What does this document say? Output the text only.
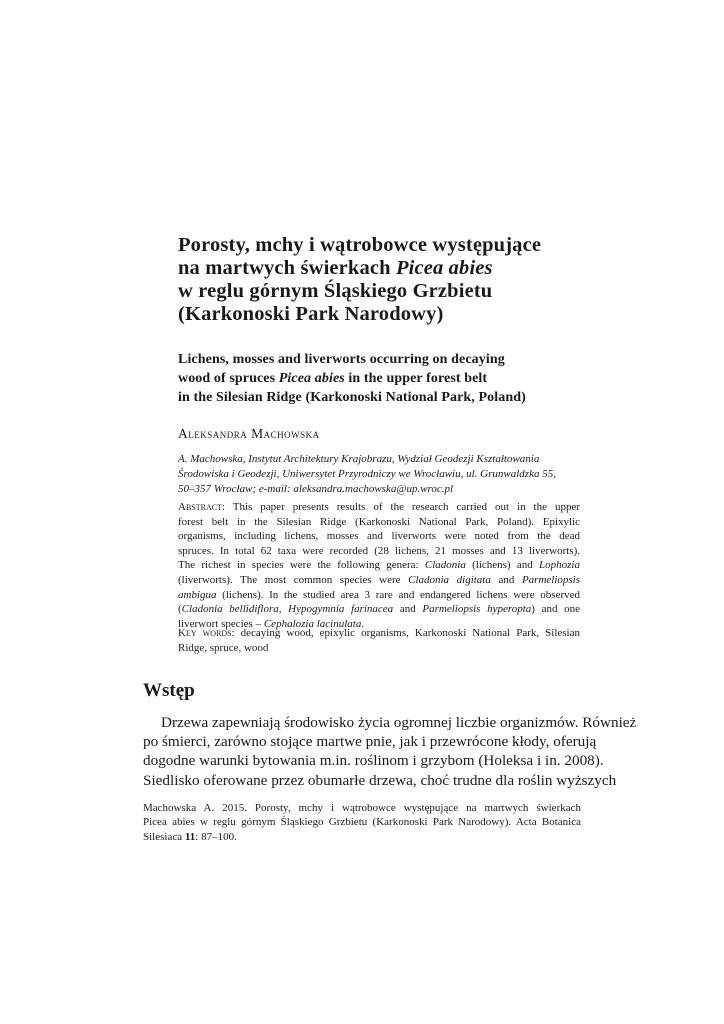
Porosty, mchy i wątrobowce występujące
na martwych świerkach Picea abies
w reglu górnym Śląskiego Grzbietu
(Karkonoski Park Narodowy)
Lichens, mosses and liverworts occurring on decaying
wood of spruces Picea abies in the upper forest belt
in the Silesian Ridge (Karkonoski National Park, Poland)
Aleksandra Machowska
A. Machowska, Instytut Architektury Krajobrazu, Wydział Geodezji Kształtowania
Środowiska i Geodezji, Uniwersytet Przyrodniczy we Wrocławiu, ul. Grunwaldzka 55,
50–357 Wrocław; e-mail: aleksandra.machowska@up.wroc.pl
Abstract: This paper presents results of the research carried out in the upper
forest belt in the Silesian Ridge (Karkonoski National Park, Poland). Epixylic
organisms, including lichens, mosses and liverworts were noted from the dead
spruces. In total 62 taxa were recorded (28 lichens, 21 mosses and 13 liverworts).
The richest in species were the following genera: Cladonia (lichens) and Lophozia
(liverworts). The most common species were Cladonia digitata and Parmeliopsis
ambigua (lichens). In the studied area 3 rare and endangered lichens were observed
(Cladonia bellidiflora, Hypogymnia farinacea and Parmeliopsis hyperopta) and one
liverwort species – Cephalozia lacinulata.
Key words: decaying wood, epixylic organisms, Karkonoski National Park, Silesian
Ridge, spruce, wood
Wstęp
Drzewa zapewniają środowisko życia ogromnej liczbie organizmów. Również
po śmierci, zarówno stojące martwe pnie, jak i przewrócone kłody, oferują
dogodne warunki bytowania m.in. roślinom i grzybom (Holeksa i in. 2008).
Siedlisko oferowane przez obumarłe drzewa, choć trudne dla roślin wyższych
Machowska A. 2015. Porosty, mchy i wątrobowce występujące na martwych świerkach
Picea abies w reglu górnym Śląskiego Grzbietu (Karkonoski Park Narodowy). Acta Botanica
Silesiaca 11: 87–100.
